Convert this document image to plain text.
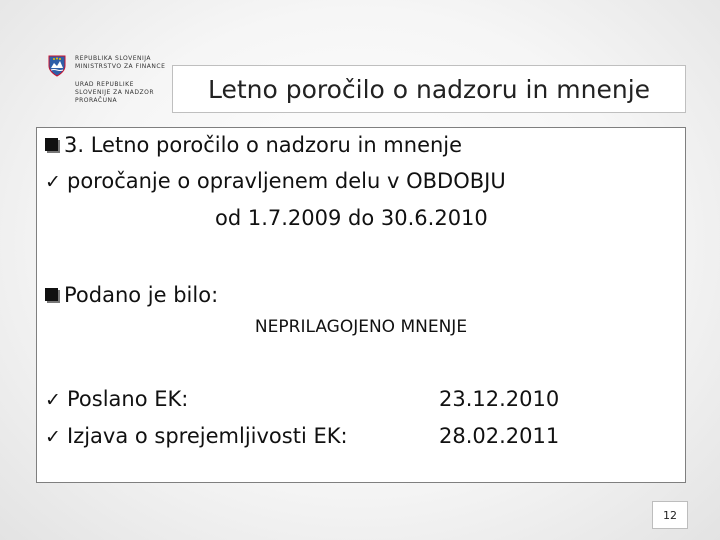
REPUBLIKA SLOVENIJA
MINISTRSTVO ZA FINANCE
URAD REPUBLIKE
SLOVENIJE ZA NADZOR
PRORAČUNA	Letno poročilo o nadzoru in mnenje
3. Letno poročilo o nadzoru in mnenje
✓ poročanje o opravljenem delu v OBDOBJU
od 1.7.2009 do 30.6.2010
Podano je bilo:
NEPRILAGOJENO MNENJE
✓ Poslano EK:	23.12.2010
✓ Izjava o sprejemljivosti EK:	28.02.2011
12
